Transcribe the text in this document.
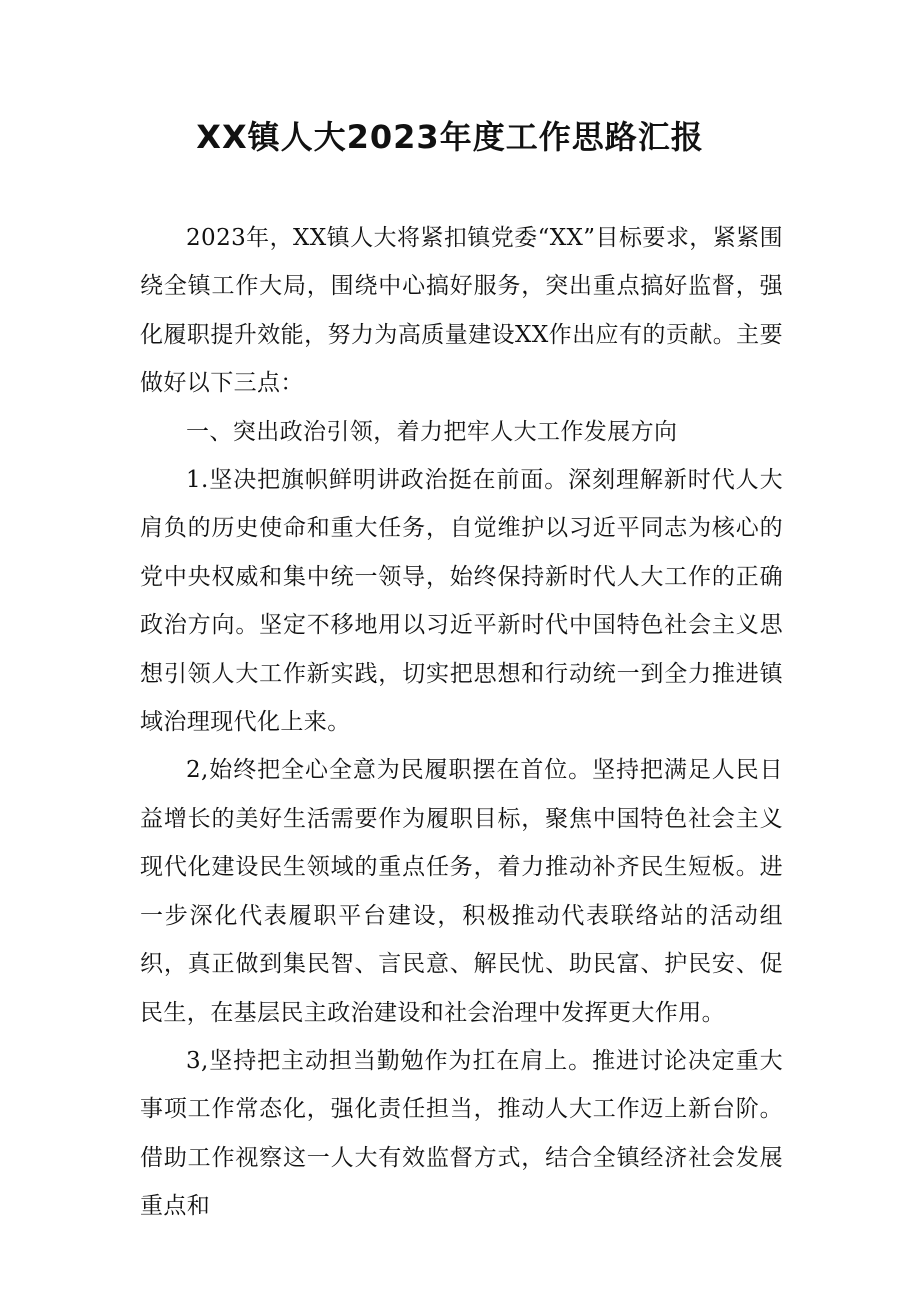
XX镇人大2023年度工作思路汇报

2023年，XX镇人大将紧扣镇党委“XX”目标要求，紧紧围绕全镇工作大局，围绕中心搞好服务，突出重点搞好监督，强化履职提升效能，努力为高质量建设XX作出应有的贡献。主要做好以下三点：

一、突出政治引领，着力把牢人大工作发展方向

1.坚决把旗帜鲜明讲政治挺在前面。深刻理解新时代人大肩负的历史使命和重大任务，自觉维护以习近平同志为核心的党中央权威和集中统一领导，始终保持新时代人大工作的正确政治方向。坚定不移地用以习近平新时代中国特色社会主义思想引领人大工作新实践，切实把思想和行动统一到全力推进镇域治理现代化上来。

2,始终把全心全意为民履职摆在首位。坚持把满足人民日益增长的美好生活需要作为履职目标，聚焦中国特色社会主义现代化建设民生领域的重点任务，着力推动补齐民生短板。进一步深化代表履职平台建设，积极推动代表联络站的活动组织，真正做到集民智、言民意、解民忧、助民富、护民安、促民生，在基层民主政治建设和社会治理中发挥更大作用。

3,坚持把主动担当勤勉作为扛在肩上。推进讨论决定重大事项工作常态化，强化责任担当，推动人大工作迈上新台阶。借助工作视察这一人大有效监督方式，结合全镇经济社会发展重点和
